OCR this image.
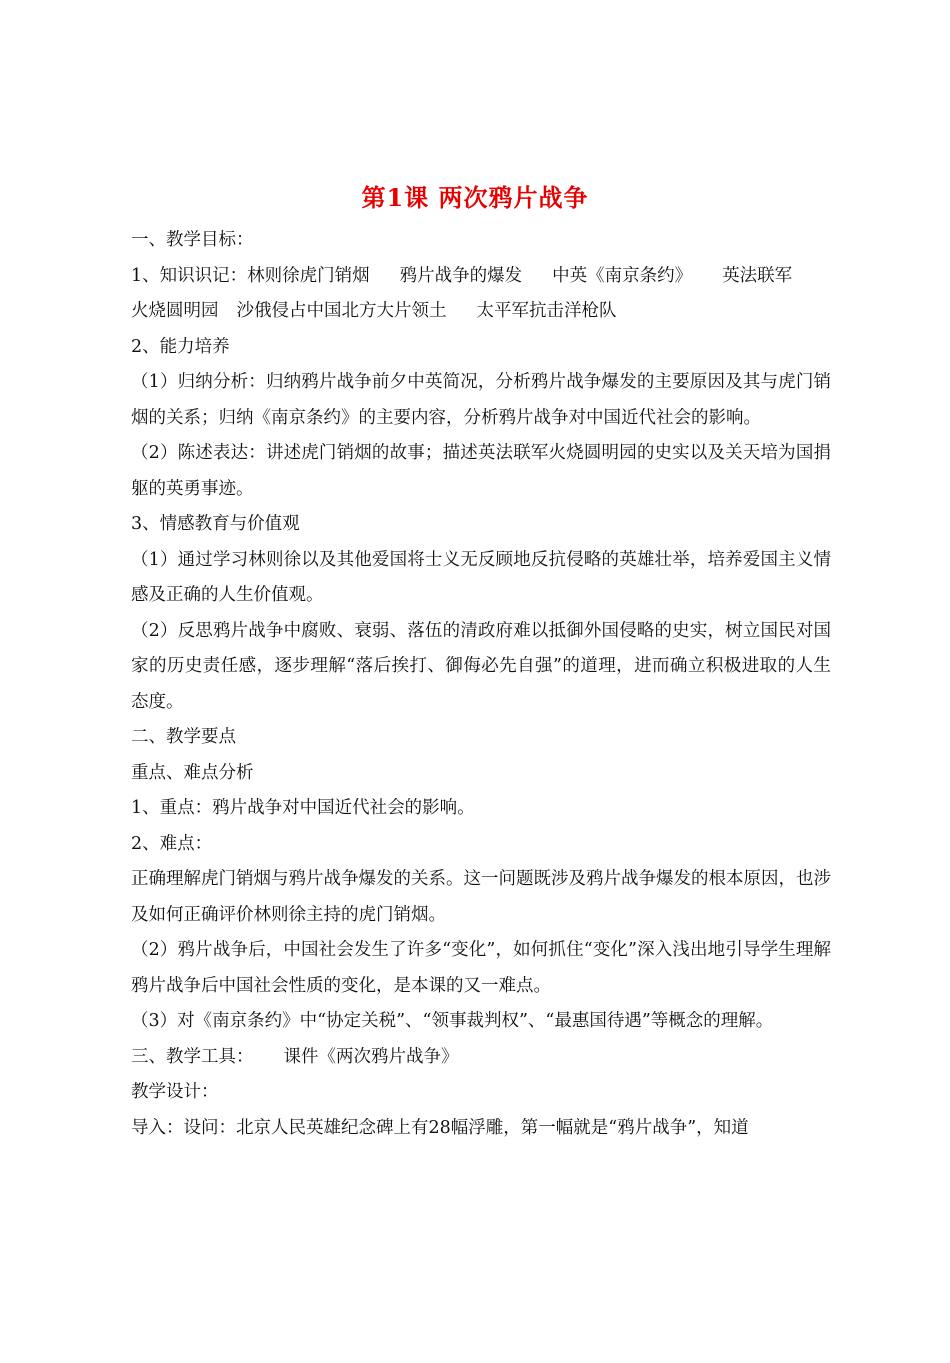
第1课 两次鸦片战争

一、教学目标：

1、知识识记：林则徐虎门销烟 鸦片战争的爆发 中英《南京条约》 英法联军
火烧圆明园 沙俄侵占中国北方大片领土 太平军抗击洋枪队

2、能力培养

（1）归纳分析：归纳鸦片战争前夕中英简况，分析鸦片战争爆发的主要原因及其与虎门销烟的关系；归纳《南京条约》的主要内容，分析鸦片战争对中国近代社会的影响。

（2）陈述表达：讲述虎门销烟的故事；描述英法联军火烧圆明园的史实以及关天培为国捐躯的英勇事迹。

3、情感教育与价值观

（1）通过学习林则徐以及其他爱国将士义无反顾地反抗侵略的英雄壮举，培养爱国主义情感及正确的人生价值观。

（2）反思鸦片战争中腐败、衰弱、落伍的清政府难以抵御外国侵略的史实，树立国民对国家的历史责任感，逐步理解“落后挨打、御侮必先自强”的道理，进而确立积极进取的人生态度。

二、教学要点

重点、难点分析

1、重点：鸦片战争对中国近代社会的影响。

2、难点：

正确理解虎门销烟与鸦片战争爆发的关系。这一问题既涉及鸦片战争爆发的根本原因，也涉及如何正确评价林则徐主持的虎门销烟。

（2）鸦片战争后，中国社会发生了许多“变化”，如何抓住“变化”深入浅出地引导学生理解鸦片战争后中国社会性质的变化，是本课的又一难点。

（3）对《南京条约》中“协定关税”、“领事裁判权”、“最惠国待遇”等概念的理解。

三、教学工具： 课件《两次鸦片战争》

教学设计：

导入：设问：北京人民英雄纪念碑上有28幅浮雕，第一幅就是“鸦片战争”，知道
